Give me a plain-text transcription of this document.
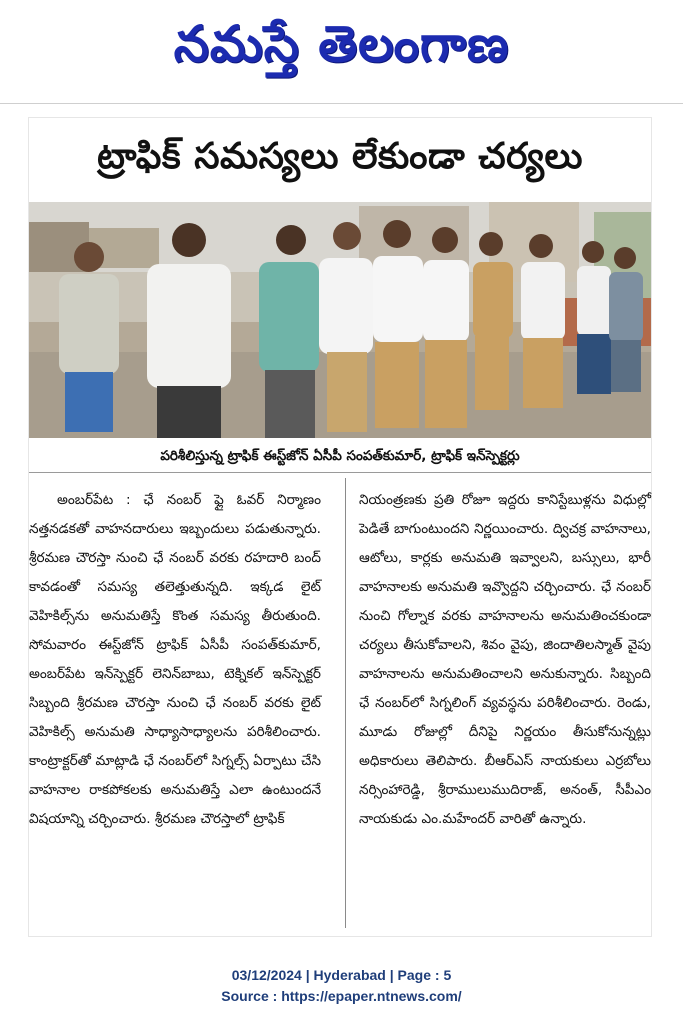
నమస్తే తెలంగాణ
ట్రాఫిక్ సమస్యలు లేకుండా చర్యలు
పరిశీలిస్తున్న ట్రాఫిక్ ఈస్ట్‌జోన్ ఏసీపీ సంపత్‌కుమార్, ట్రాఫిక్ ఇన్‌స్పెక్టర్లు

అంబర్‌పేట : ఛే నంబర్ ఫ్లై ఓవర్ నిర్మాణం నత్తనడకతో వాహనదారులు ఇబ్బందులు పడుతున్నారు. శ్రీరమణ చౌరస్తా నుంచి ఛే నంబర్ వరకు రహదారి బంద్ కావడంతో సమస్య తలెత్తుతున్నది. ఇక్కడ లైట్ వెహికిల్స్‌ను అనుమతిస్తే కొంత సమస్య తీరుతుంది. సోమవారం ఈస్ట్‌జోన్ ట్రాఫిక్ ఏసీపీ సంపత్‌కుమార్, అంబర్‌పేట ఇన్‌స్పెక్టర్ లెనిన్‌బాబు, టెక్నికల్ ఇన్‌స్పెక్టర్ సిబ్బంది శ్రీరమణ చౌరస్తా నుంచి ఛే నంబర్ వరకు లైట్ వెహికిల్స్ అనుమతి సాధ్యాసాధ్యాలను పరిశీలించారు. కాంట్రాక్టర్‌తో మాట్లాడి ఛే నంబర్‌లో సిగ్నల్స్ ఏర్పాటు చేసి వాహనాల రాకపోకలకు అనుమతిస్తే ఎలా ఉంటుందనే విషయాన్ని చర్చించారు. శ్రీరమణ చౌరస్తాలో ట్రాఫిక్

నియంత్రణకు ప్రతి రోజూ ఇద్దరు కానిస్టేబుళ్లను విధుల్లో పెడితే బాగుంటుందని నిర్ణయించారు. ద్విచక్ర వాహనాలు, ఆటోలు, కార్లకు అనుమతి ఇవ్వాలని, బస్సులు, భారీ వాహనాలకు అనుమతి ఇవ్వొద్దని చర్చించారు. ఛే నంబర్ నుంచి గోల్నాక వరకు వాహనాలను అనుమతించకుండా చర్యలు తీసుకోవాలని, శివం వైపు, జిందాతిలస్మాత్ వైపు వాహనాలను అనుమతించాలని అనుకున్నారు. సిబ్బంది ఛే నంబర్‌లో సిగ్నలింగ్ వ్యవస్థను పరిశీలించారు. రెండు, మూడు రోజుల్లో దీనిపై నిర్ణయం తీసుకోనున్నట్లు అధికారులు తెలిపారు. బీఆర్‌ఎస్ నాయకులు ఎర్రబోలు నర్సింహారెడ్డి, శ్రీరాములుముదిరాజ్, అనంత్, సీపీఎం నాయకుడు ఎం.మహేందర్ వారితో ఉన్నారు.

03/12/2024 | Hyderabad | Page : 5
Source : https://epaper.ntnews.com/
